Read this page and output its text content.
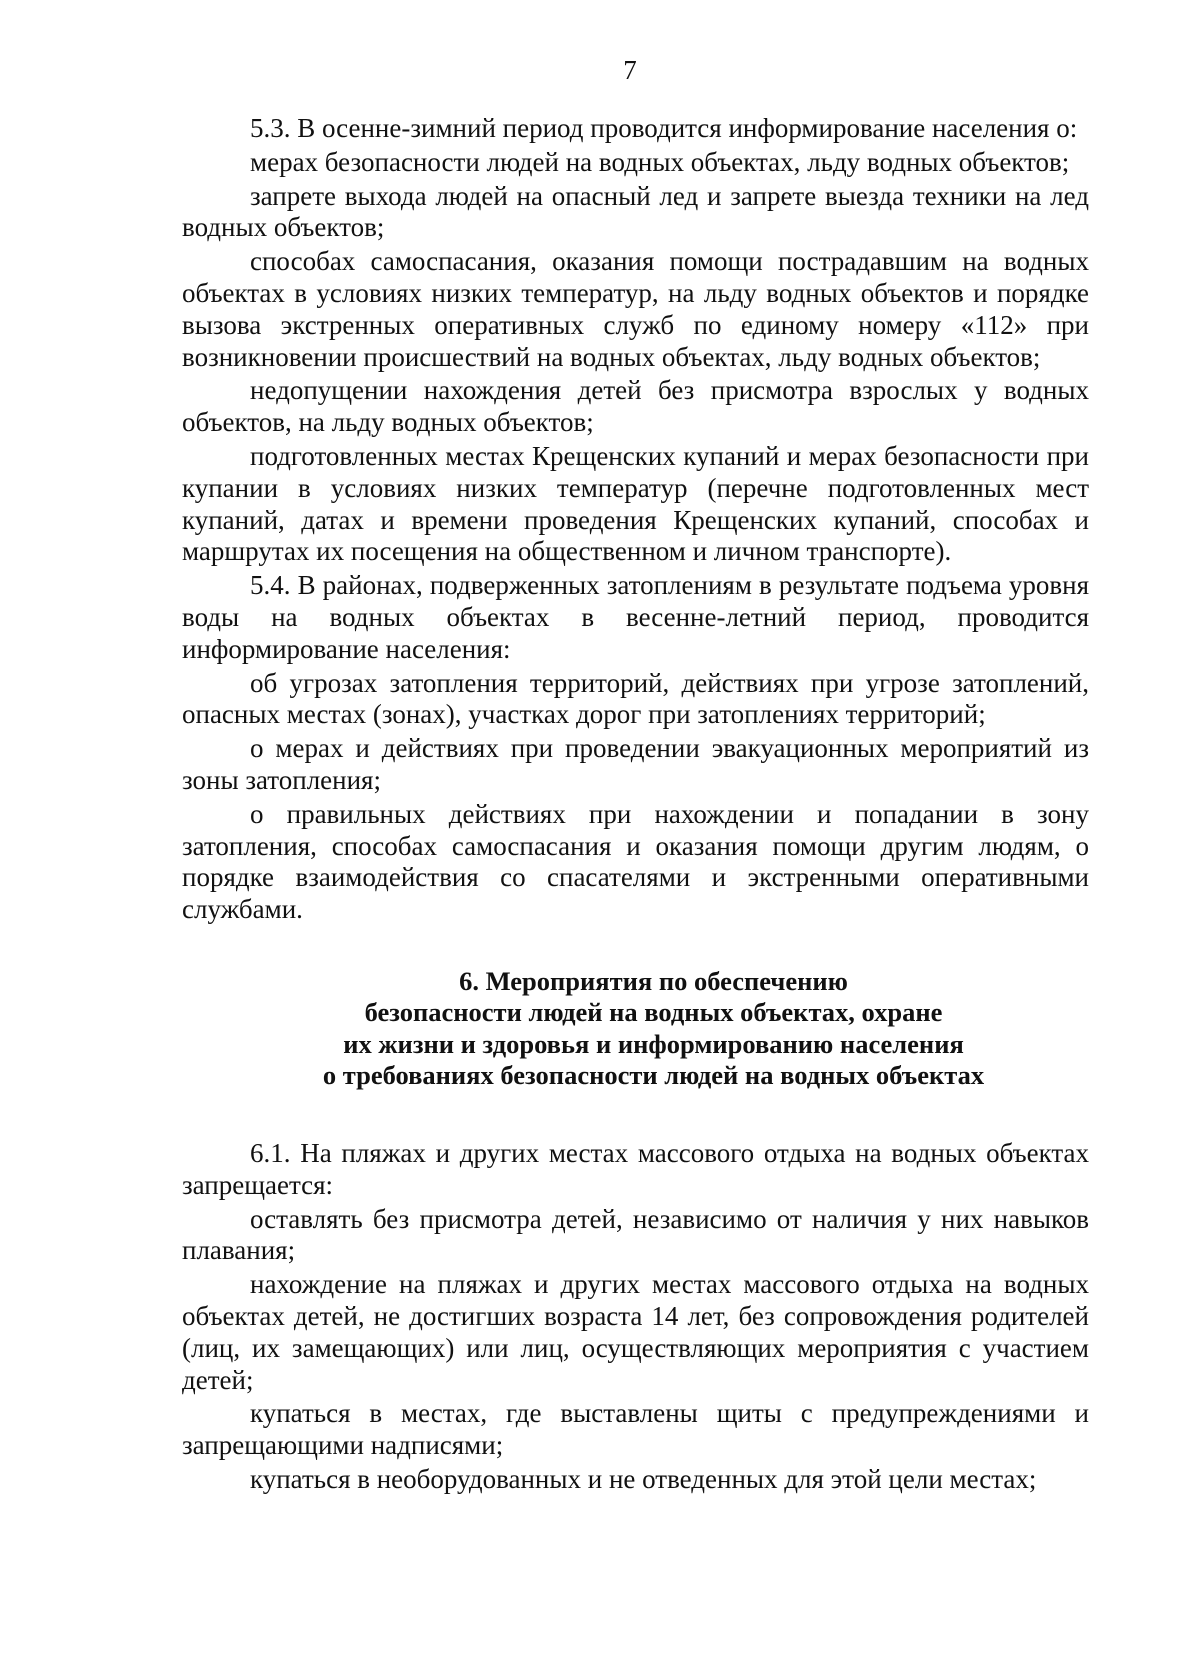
7

5.3. В осенне-зимний период проводится информирование населения о:

мерах безопасности людей на водных объектах, льду водных объектов;

запрете выхода людей на опасный лед и запрете выезда техники на лед водных объектов;

способах самоспасания, оказания помощи пострадавшим на водных объектах в условиях низких температур, на льду водных объектов и порядке вызова экстренных оперативных служб по единому номеру «112» при возникновении происшествий на водных объектах, льду водных объектов;

недопущении нахождения детей без присмотра взрослых у водных объектов, на льду водных объектов;

подготовленных местах Крещенских купаний и мерах безопасности при купании в условиях низких температур (перечне подготовленных мест купаний, датах и времени проведения Крещенских купаний, способах и маршрутах их посещения на общественном и личном транспорте).

5.4. В районах, подверженных затоплениям в результате подъема уровня воды на водных объектах в весенне-летний период, проводится информирование населения:

об угрозах затопления территорий, действиях при угрозе затоплений, опасных местах (зонах), участках дорог при затоплениях территорий;

о мерах и действиях при проведении эвакуационных мероприятий из зоны затопления;

о правильных действиях при нахождении и попадании в зону затопления, способах самоспасания и оказания помощи другим людям, о порядке взаимодействия со спасателями и экстренными оперативными службами.

6. Мероприятия по обеспечению
безопасности людей на водных объектах, охране
их жизни и здоровья и информированию населения
о требованиях безопасности людей на водных объектах

6.1. На пляжах и других местах массового отдыха на водных объектах запрещается:

оставлять без присмотра детей, независимо от наличия у них навыков плавания;

нахождение на пляжах и других местах массового отдыха на водных объектах детей, не достигших возраста 14 лет, без сопровождения родителей (лиц, их замещающих) или лиц, осуществляющих мероприятия с участием детей;

купаться в местах, где выставлены щиты с предупреждениями и запрещающими надписями;

купаться в необорудованных и не отведенных для этой цели местах;
